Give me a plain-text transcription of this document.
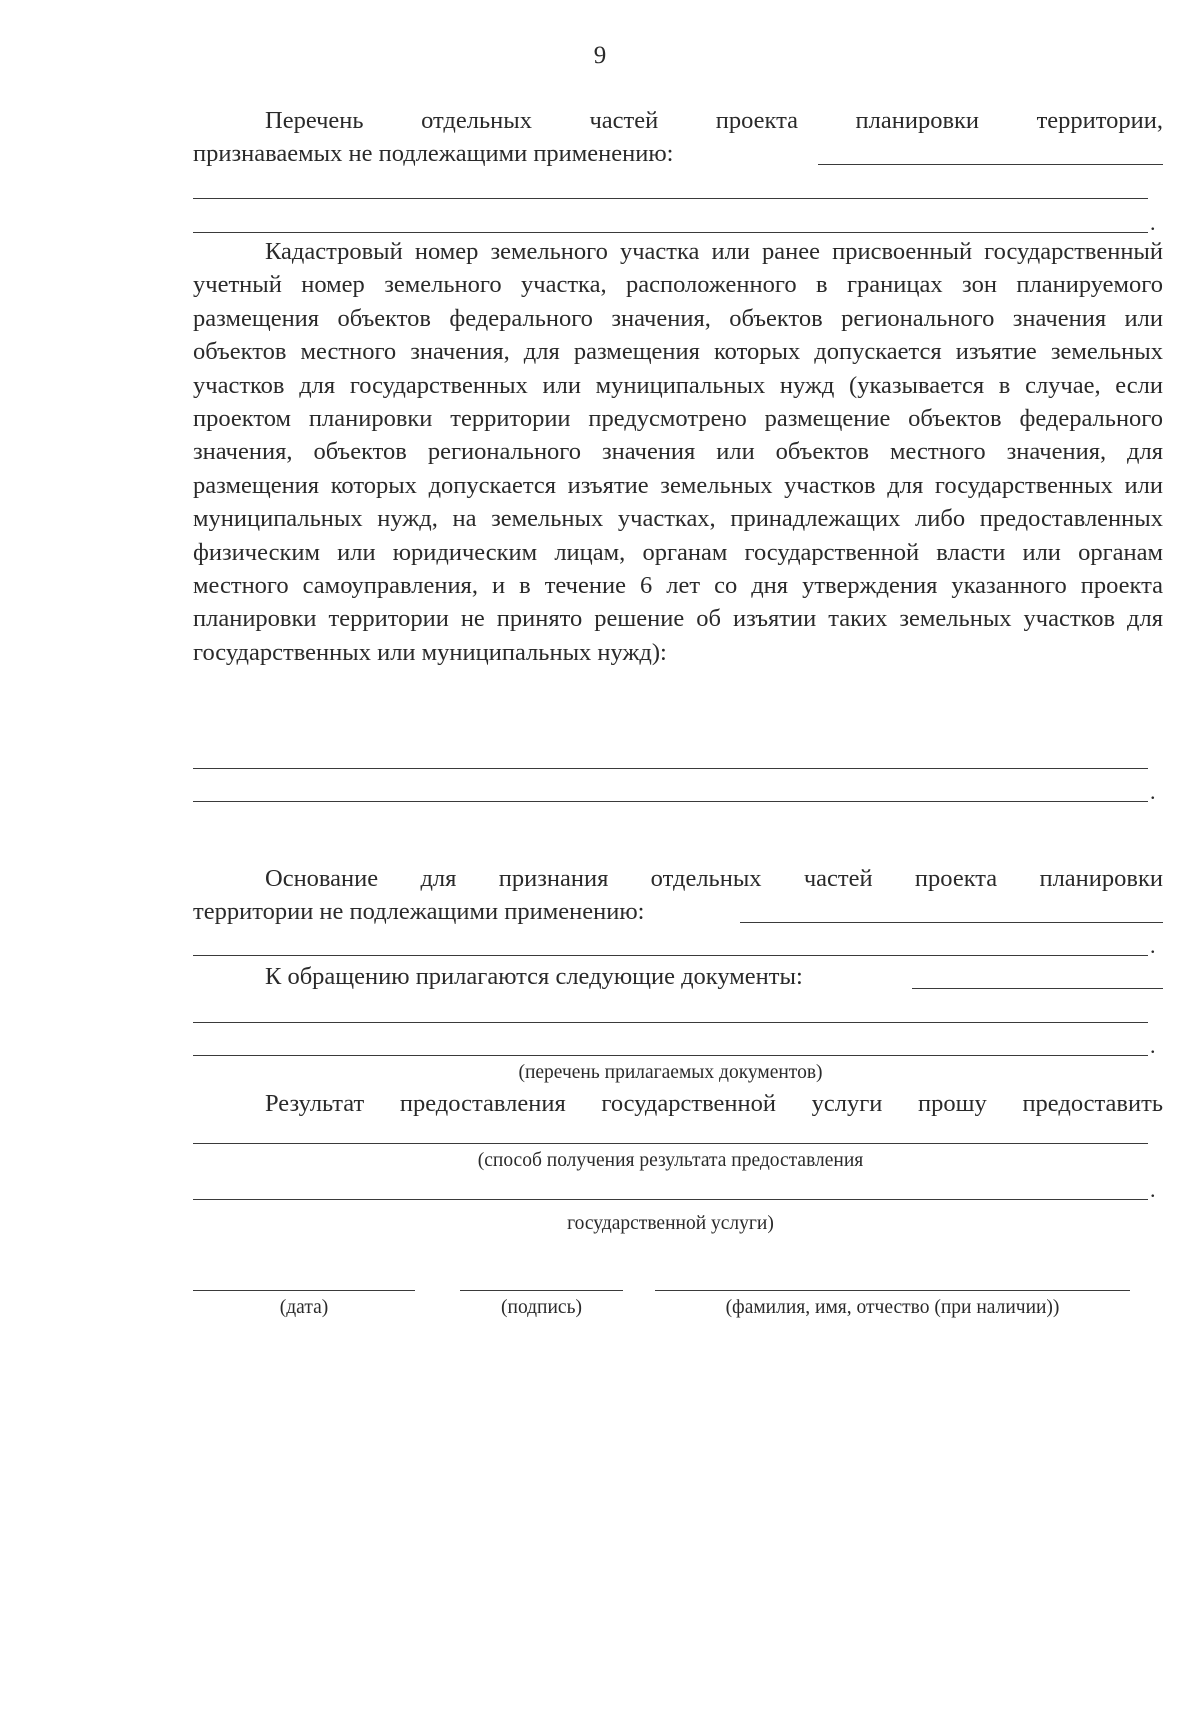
9
Перечень отдельных частей проекта планировки территории,
признаваемых не подлежащими применению:
.
Кадастровый номер земельного участка или ранее присвоенный государственный учетный номер земельного участка, расположенного в границах зон планируемого размещения объектов федерального значения, объектов регионального значения или объектов местного значения, для размещения которых допускается изъятие земельных участков для государственных или муниципальных нужд (указывается в случае, если проектом планировки территории предусмотрено размещение объектов федерального значения, объектов регионального значения или объектов местного значения, для размещения которых допускается изъятие земельных участков для государственных или муниципальных нужд, на земельных участках, принадлежащих либо предоставленных физическим или юридическим лицам, органам государственной власти или органам местного самоуправления, и в течение 6 лет со дня утверждения указанного проекта планировки территории не принято решение об изъятии таких земельных участков для государственных или муниципальных нужд):
.
Основание для признания отдельных частей проекта планировки
территории не подлежащими применению:
.
К обращению прилагаются следующие документы:
.
(перечень прилагаемых документов)
Результат предоставления государственной услуги прошу предоставить
(способ получения результата предоставления
.
государственной услуги)
(дата)	(подпись)	(фамилия, имя, отчество (при наличии))
